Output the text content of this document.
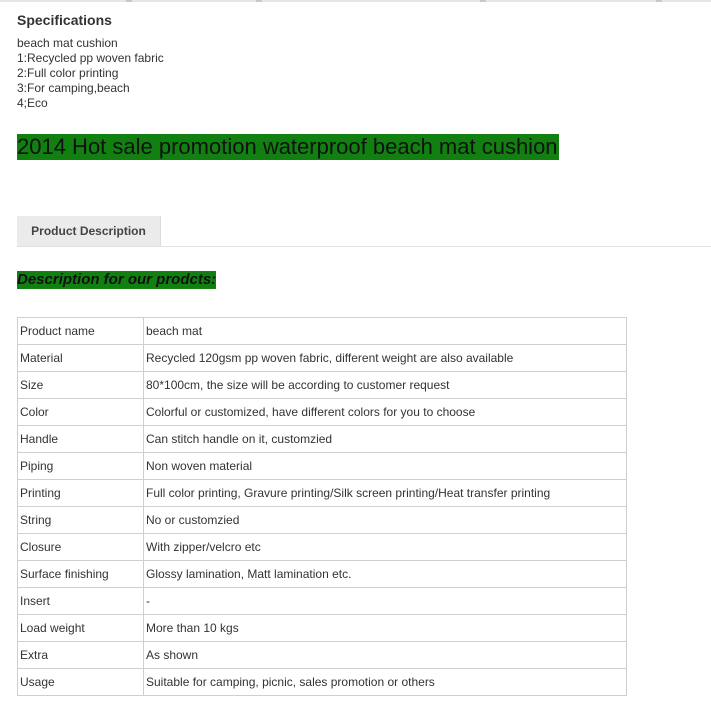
Specifications
beach mat cushion
1:Recycled pp woven fabric
2:Full color printing
3:For camping,beach
4;Eco
2014 Hot sale promotion waterproof beach mat cushion
Product Description
Description for our prodcts:
Product name	beach mat
Material	Recycled 120gsm pp woven fabric, different weight are also available
Size	80*100cm, the size will be according to customer request
Color	Colorful or customized, have different colors for you to choose
Handle	Can stitch handle on it, customzied
Piping	Non woven material
Printing	Full color printing, Gravure printing/Silk screen printing/Heat transfer printing
String	No or customzied
Closure	With zipper/velcro etc
Surface finishing	Glossy lamination, Matt lamination etc.
Insert	-
Load weight	More than 10 kgs
Extra	As shown
Usage	Suitable for camping, picnic, sales promotion or others
